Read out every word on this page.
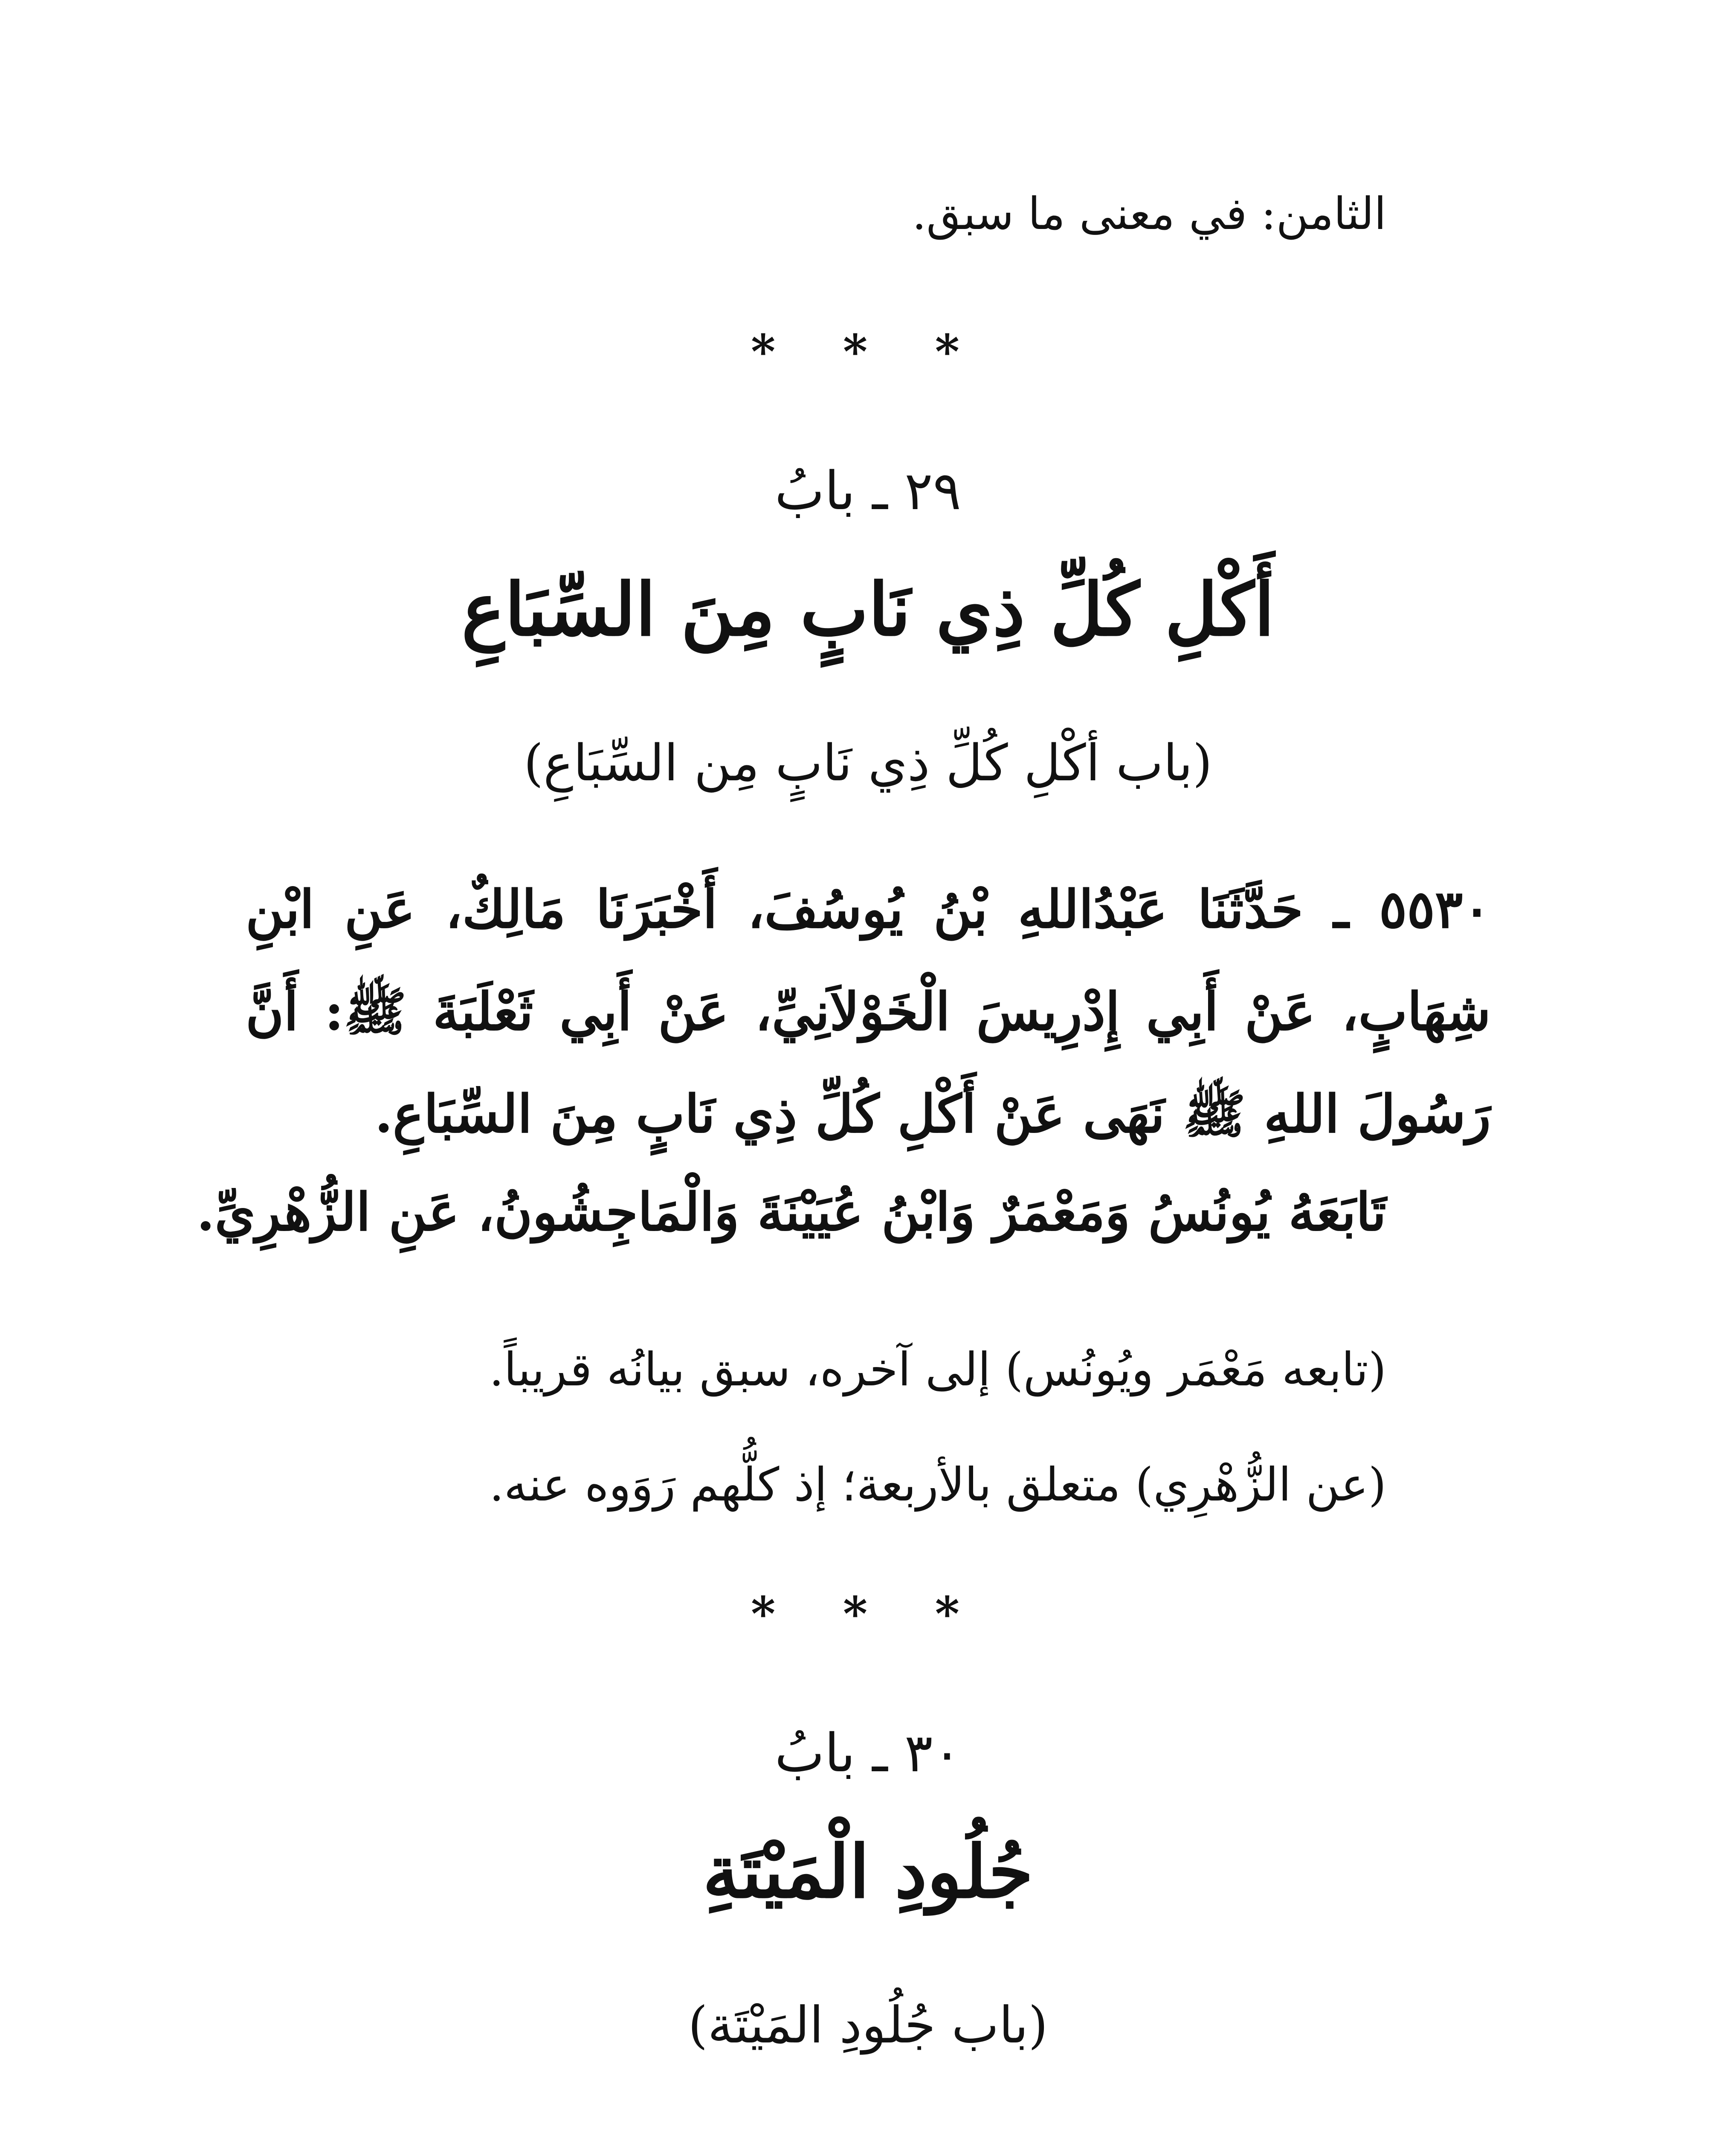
الثامن: في معنى ما سبق.
* * *
٢٩ ـ بابُ
أَكْلِ كُلِّ ذِي نَابٍ مِنَ السِّبَاعِ
(باب أكْلِ كُلِّ ذِي نَابٍ مِن السِّبَاعِ)
٥٥٣٠ ـ حَدَّثَنَا عَبْدُاللهِ بْنُ يُوسُفَ، أَخْبَرَنَا مَالِكٌ، عَنِ ابْنِ
شِهَابٍ، عَنْ أَبِي إِدْرِيسَ الْخَوْلاَنِيِّ، عَنْ أَبِي ثَعْلَبَةَ ﷺ: أَنَّ
رَسُولَ اللهِ ﷺ نَهَى عَنْ أَكْلِ كُلِّ ذِي نَابٍ مِنَ السِّبَاعِ.
تَابَعَهُ يُونُسُ وَمَعْمَرٌ وَابْنُ عُيَيْنَةَ وَالْمَاجِشُونُ، عَنِ الزُّهْرِيِّ.
(تابعه مَعْمَر ويُونُس) إلى آخره، سبق بيانُه قريباً.
(عن الزُّهْرِي) متعلق بالأربعة؛ إذ كلُّهم رَوَوه عنه.
* * *
٣٠ ـ بابُ
جُلُودِ الْمَيْتَةِ
(باب جُلُودِ المَيْتَة)
